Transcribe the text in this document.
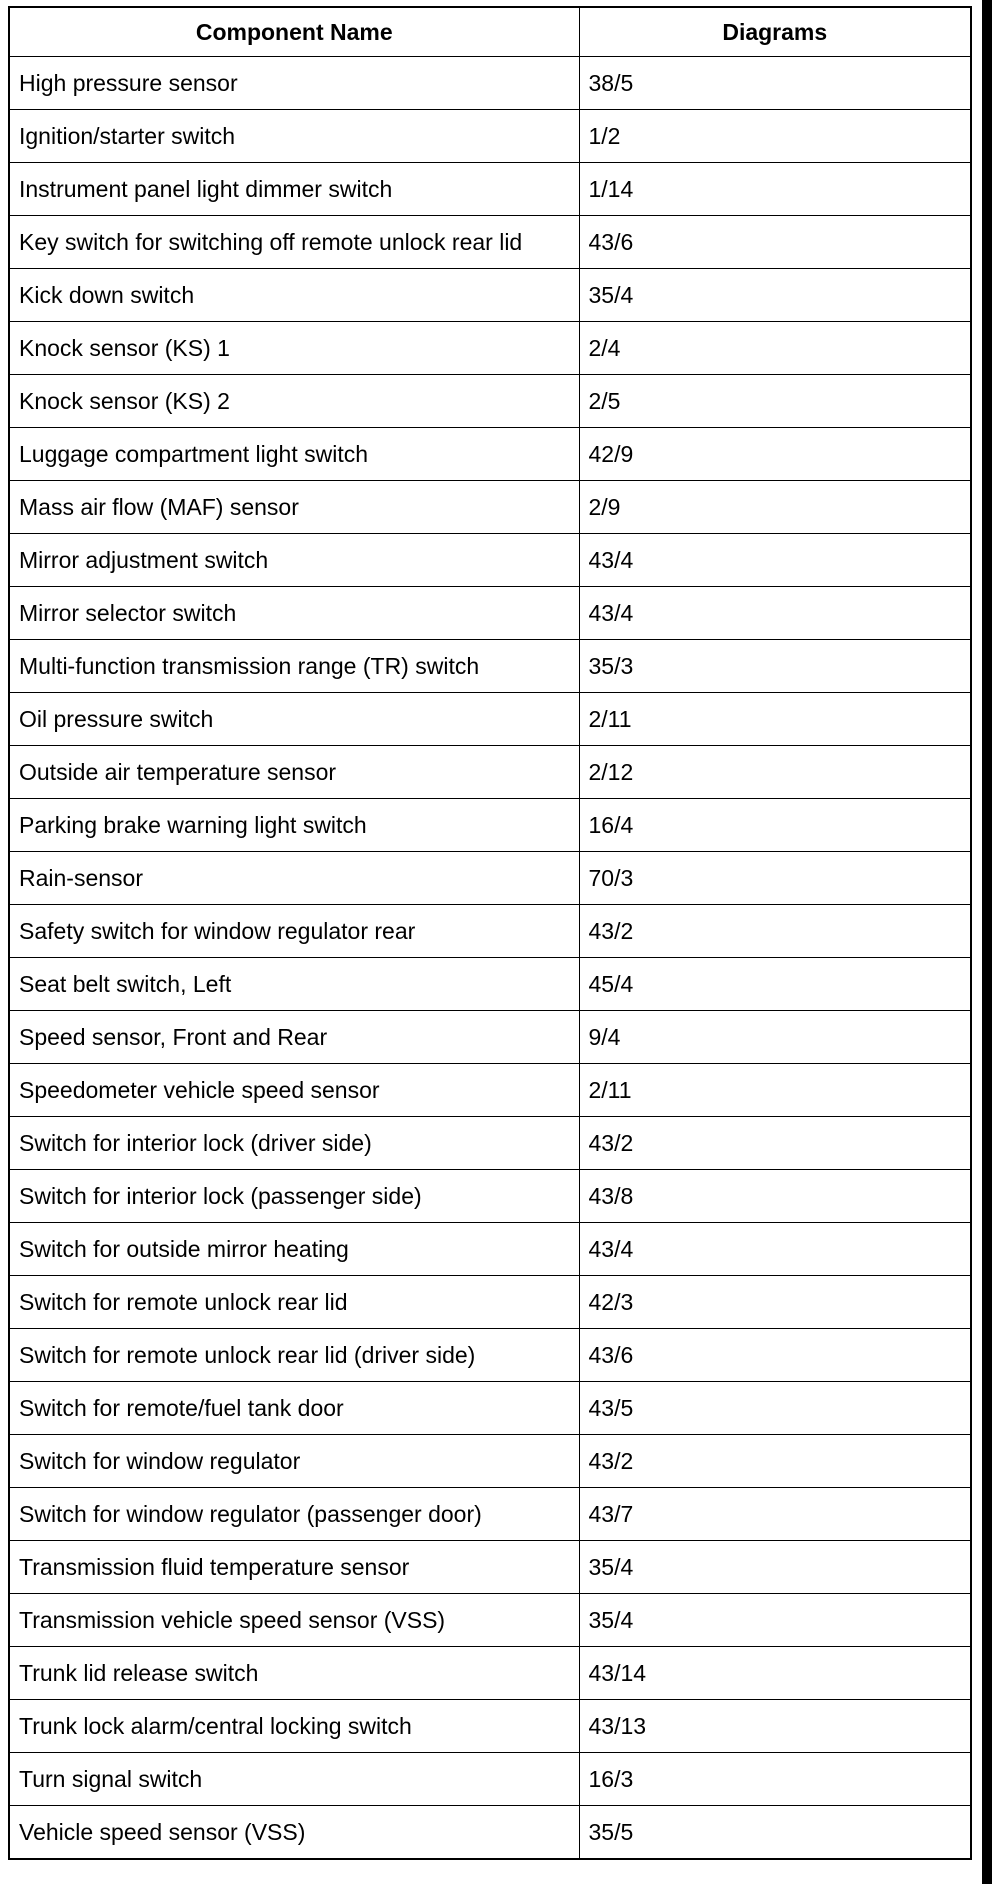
Component Name	Diagrams
High pressure sensor	38/5
Ignition/starter switch	1/2
Instrument panel light dimmer switch	1/14
Key switch for switching off remote unlock rear lid	43/6
Kick down switch	35/4
Knock sensor (KS) 1	2/4
Knock sensor (KS) 2	2/5
Luggage compartment light switch	42/9
Mass air flow (MAF) sensor	2/9
Mirror adjustment switch	43/4
Mirror selector switch	43/4
Multi-function transmission range (TR) switch	35/3
Oil pressure switch	2/11
Outside air temperature sensor	2/12
Parking brake warning light switch	16/4
Rain-sensor	70/3
Safety switch for window regulator rear	43/2
Seat belt switch, Left	45/4
Speed sensor, Front and Rear	9/4
Speedometer vehicle speed sensor	2/11
Switch for interior lock (driver side)	43/2
Switch for interior lock (passenger side)	43/8
Switch for outside mirror heating	43/4
Switch for remote unlock rear lid	42/3
Switch for remote unlock rear lid (driver side)	43/6
Switch for remote/fuel tank door	43/5
Switch for window regulator	43/2
Switch for window regulator (passenger door)	43/7
Transmission fluid temperature sensor	35/4
Transmission vehicle speed sensor (VSS)	35/4
Trunk lid release switch	43/14
Trunk lock alarm/central locking switch	43/13
Turn signal switch	16/3
Vehicle speed sensor (VSS)	35/5
